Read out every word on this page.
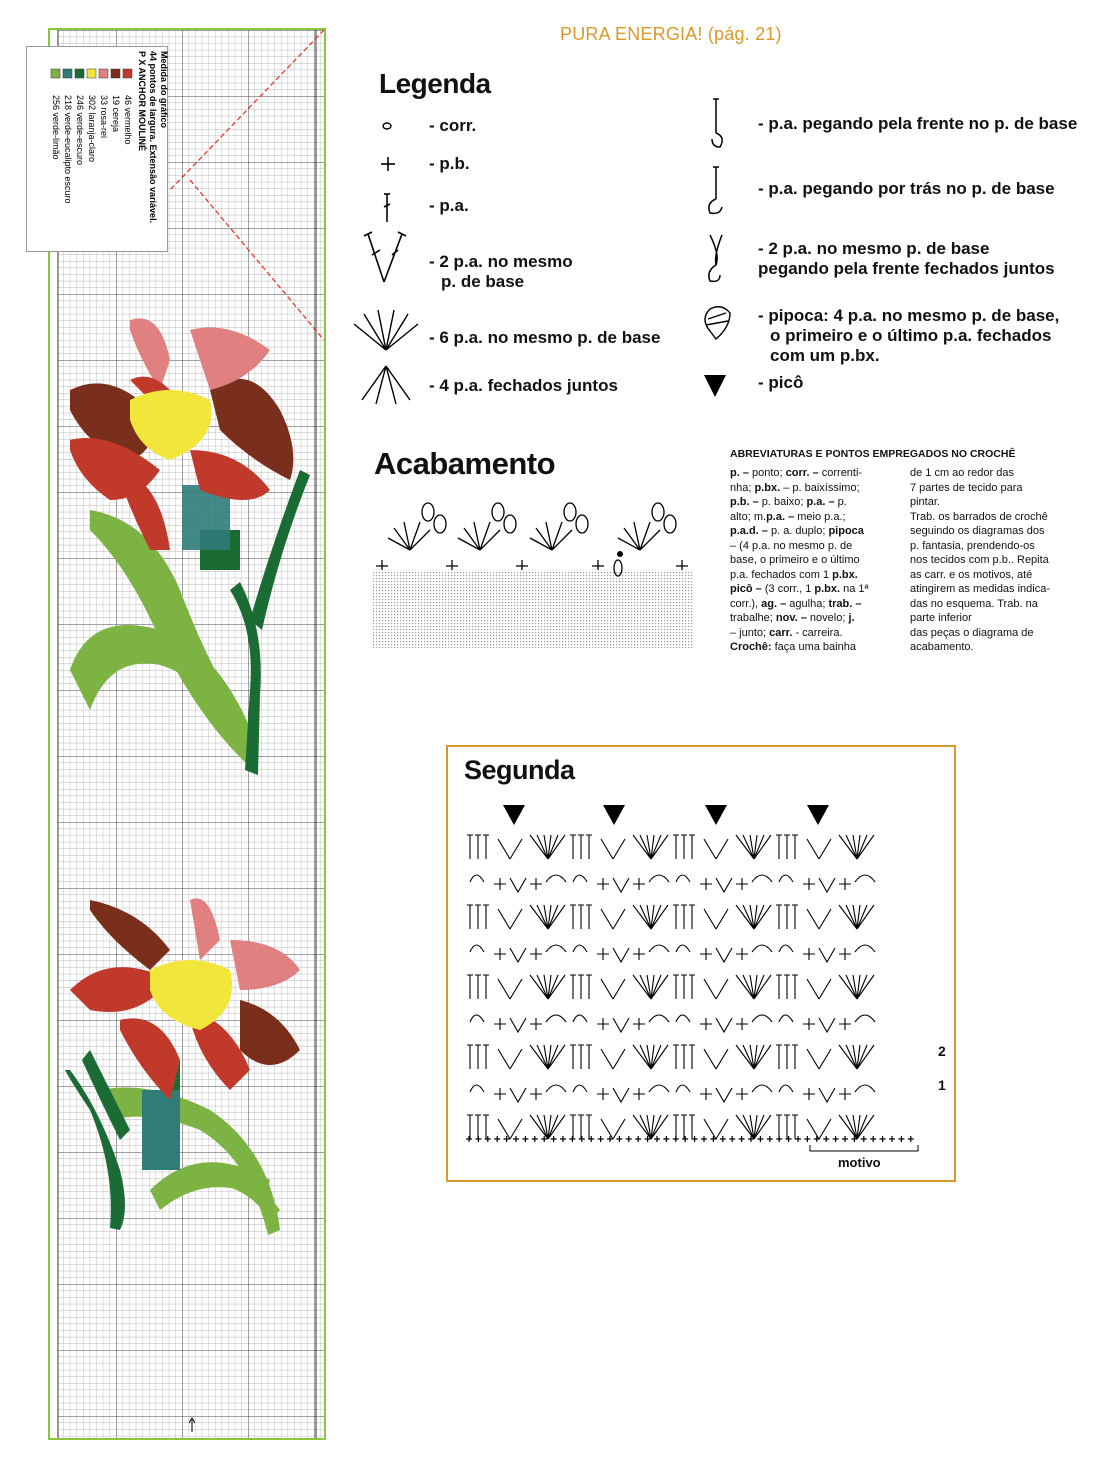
PURA ENERGIA! (pág. 21)
Medida do gráfico
44 pontos de largura. Extensão variável.
P X ANCHOR MOULINÉ
46 vermelho
19 cereja
33 rosa-rei
302 laranja-claro
246 verde-escuro
218 verde-eucalipto escuro
256 verde-limão
Legenda
- corr.
- p.b.
- p.a.
- 2 p.a. no mesmo
p. de base
- 6 p.a. no mesmo p. de base
- 4 p.a. fechados juntos
- p.a. pegando pela frente no p. de base
- p.a. pegando por trás no p. de base
- 2 p.a. no mesmo p. de base
pegando pela frente fechados juntos
- pipoca: 4 p.a. no mesmo p. de base,
o primeiro e o último p.a. fechados
com um p.bx.
- picô
Acabamento	ABREVIATURAS E PONTOS EMPREGADOS NO CROCHÊ
p. – ponto; corr. – correnti-
nha; p.bx. – p. baixíssimo;
p.b. – p. baixo; p.a. – p.
alto; m.p.a. – meio p.a.;
p.a.d. – p. a. duplo; pipoca
– (4 p.a. no mesmo p. de
base, o primeiro e o último
p.a. fechados com 1 p.bx.
picô – (3 corr., 1 p.bx. na 1ª
corr.), ag. – agulha; trab. –
trabalhe; nov. – novelo; j.
– junto; carr. - carreira.
Crochê: faça uma bainha
de 1 cm ao redor das
7 partes de tecido para
pintar.
Trab. os barrados de crochê
seguindo os diagramas dos
p. fantasia, prendendo-os
nos tecidos com p.b.. Repita
as carr. e os motivos, até
atingirem as medidas indica-
das no esquema. Trab. na
parte inferior
das peças o diagrama de
acabamento.
Segunda
2
1
motivo
